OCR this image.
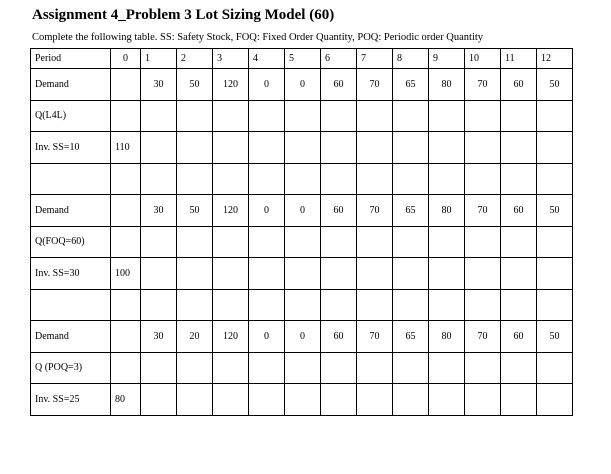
Assignment 4_Problem 3 Lot Sizing Model (60)
Complete the following table. SS: Safety Stock, FOQ: Fixed Order Quantity, POQ: Periodic order Quantity
Period	0	1	2	3	4	5	6	7	8	9	10	11	12
Demand		30	50	120	0	0	60	70	65	80	70	60	50
Q(L4L)													
Inv. SS=10	110												

Demand		30	50	120	0	0	60	70	65	80	70	60	50
Q(FOQ=60)													
Inv. SS=30	100												

Demand		30	20	120	0	0	60	70	65	80	70	60	50
Q (POQ=3)													
Inv. SS=25	80												
